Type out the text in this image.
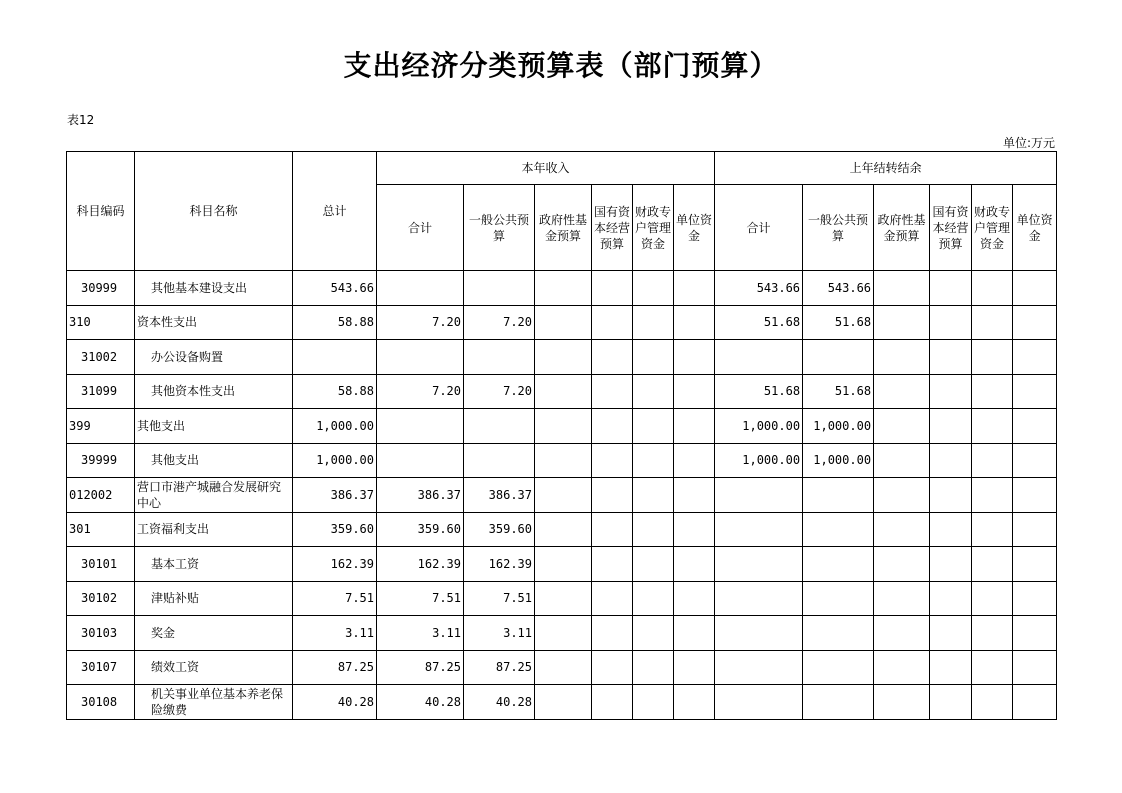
支出经济分类预算表（部门预算）
表12
单位:万元
科目编码	科目名称	总计	本年收入						上年结转结余					
			合计	一般公共预算	政府性基金预算	国有资本经营预算	财政专户管理资金	单位资金	合计	一般公共预算	政府性基金预算	国有资本经营预算	财政专户管理资金	单位资金
30999	其他基本建设支出	543.66							543.66	543.66				
310	资本性支出	58.88	7.20	7.20					51.68	51.68				
31002	办公设备购置													
31099	其他资本性支出	58.88	7.20	7.20					51.68	51.68				
399	其他支出	1,000.00							1,000.00	1,000.00				
39999	其他支出	1,000.00							1,000.00	1,000.00				
012002	营口市港产城融合发展研究中心	386.37	386.37	386.37										
301	工资福利支出	359.60	359.60	359.60										
30101	基本工资	162.39	162.39	162.39										
30102	津贴补贴	7.51	7.51	7.51										
30103	奖金	3.11	3.11	3.11										
30107	绩效工资	87.25	87.25	87.25										
30108	机关事业单位基本养老保险缴费	40.28	40.28	40.28										
